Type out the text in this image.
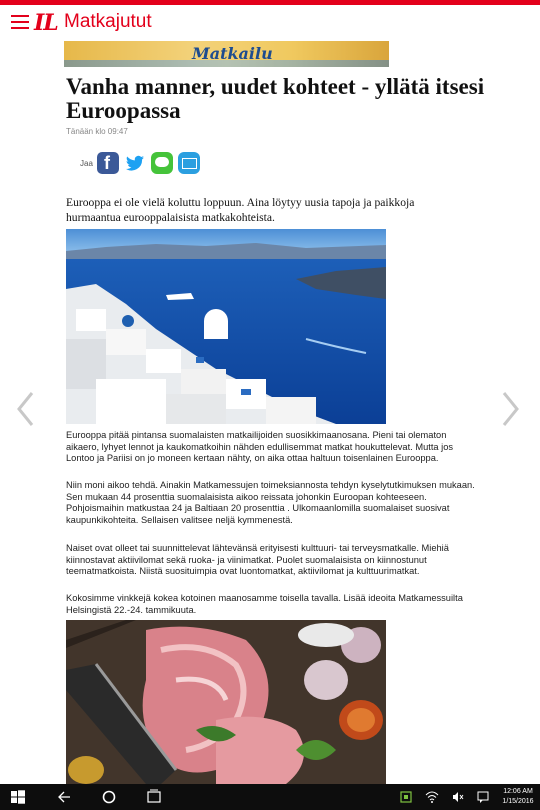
IL Matkajutut
Matkailu
Vanha manner, uudet kohteet - yllätä itsesi Euroopassa
Tänään klo 09:47
Jaa
f

Eurooppa ei ole vielä koluttu loppuun. Aina löytyy uusia tapoja ja paikkoja hurmaantua eurooppalaisista matkakohteista.

Eurooppa pitää pintansa suomalaisten matkailijoiden suosikkimaanosana. Pieni tai olematon aikaero, lyhyet lennot ja kaukomatkoihin nähden edullisemmat matkat houkuttelevat. Mutta jos Lontoo ja Pariisi on jo moneen kertaan nähty, on aika ottaa haltuun toisenlainen Eurooppa.

Niin moni aikoo tehdä. Ainakin Matkamessujen toimeksiannosta tehdyn kyselytutkimuksen mukaan. Sen mukaan 44 prosenttia suomalaisista aikoo reissata johonkin Euroopan kohteeseen. Pohjoismaihin matkustaa 24 ja Baltiaan 20 prosenttia . Ulkomaanlomilla suomalaiset suosivat kaupunkikohteita. Sellaisen valitsee neljä kymmenestä.

Naiset ovat olleet tai suunnittelevat lähtevänsä erityisesti kulttuuri- tai terveysmatkalle. Miehiä kiinnostavat aktiivilomat sekä ruoka- ja viinimatkat. Puolet suomalaisista on kiinnostunut teematmatkoista. Niistä suosituimpia ovat luontomatkat, aktiivilomat ja kulttuurimatkat.

Kokosimme vinkkejä kokea kotoinen maanosamme toisella tavalla. Lisää ideoita Matkamessuilta Helsingistä 22.-24. tammikuuta.

12:06 AM
1/15/2016
